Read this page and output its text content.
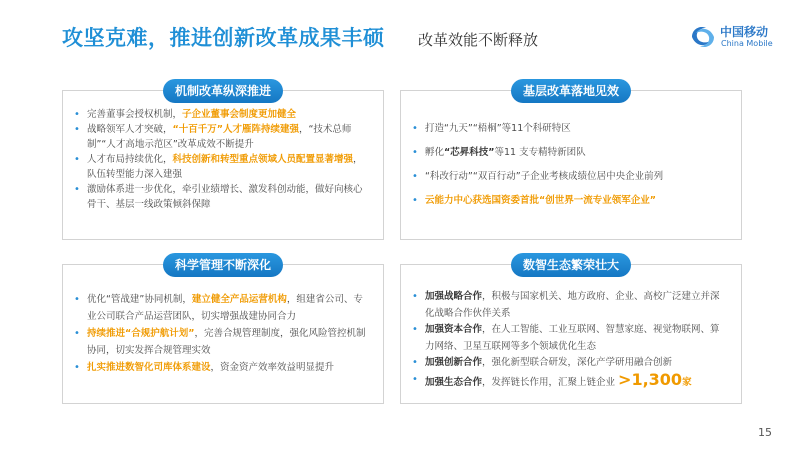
攻坚克难，推进创新改革成果丰硕 改革效能不断释放	中国移动
China Mobile
机制改革纵深推进
• 完善董事会授权机制，子企业董事会制度更加健全
• 战略领军人才突破，“十百千万”人才雁阵持续建强，“技术总师制”“人才高地示范区”改革成效不断提升
• 人才布局持续优化，科技创新和转型重点领域人员配置显著增强，队伍转型能力深入建强
• 激励体系进一步优化，牵引业绩增长、激发科创动能，做好向核心骨干、基层一线政策倾斜保障
基层改革落地见效
• 打造“九天”“梧桐”等11个科研特区
• 孵化“芯昇科技”等11 支专精特新团队
• “科改行动”“双百行动”子企业考核成绩位居中央企业前列
• 云能力中心获选国资委首批“创世界一流专业领军企业”
科学管理不断深化
• 优化“管战建”协同机制，建立健全产品运营机构，组建省公司、专业公司联合产品运营团队，切实增强战建协同合力
• 持续推进“合规护航计划”，完善合规管理制度，强化风险管控机制协同，切实发挥合规管理实效
• 扎实推进数智化司库体系建设，资金资产效率效益明显提升
数智生态繁荣壮大
• 加强战略合作，积极与国家机关、地方政府、企业、高校广泛建立并深化战略合作伙伴关系
• 加强资本合作，在人工智能、工业互联网、智慧家庭、视觉物联网、算力网络、卫星互联网等多个领域优化生态
• 加强创新合作，强化新型联合研发，深化产学研用融合创新
• 加强生态合作，发挥链长作用，汇聚上链企业 >1,300家
15
